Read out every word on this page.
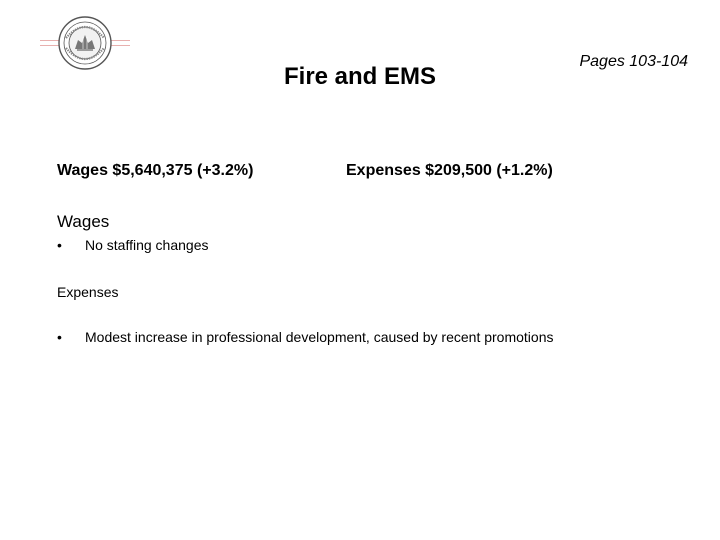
Pages 103-104
Fire and EMS
Wages $5,640,375 (+3.2%)	Expenses $209,500 (+1.2%)
Wages
• No staffing changes
Expenses
• Modest increase in professional development, caused by recent promotions
